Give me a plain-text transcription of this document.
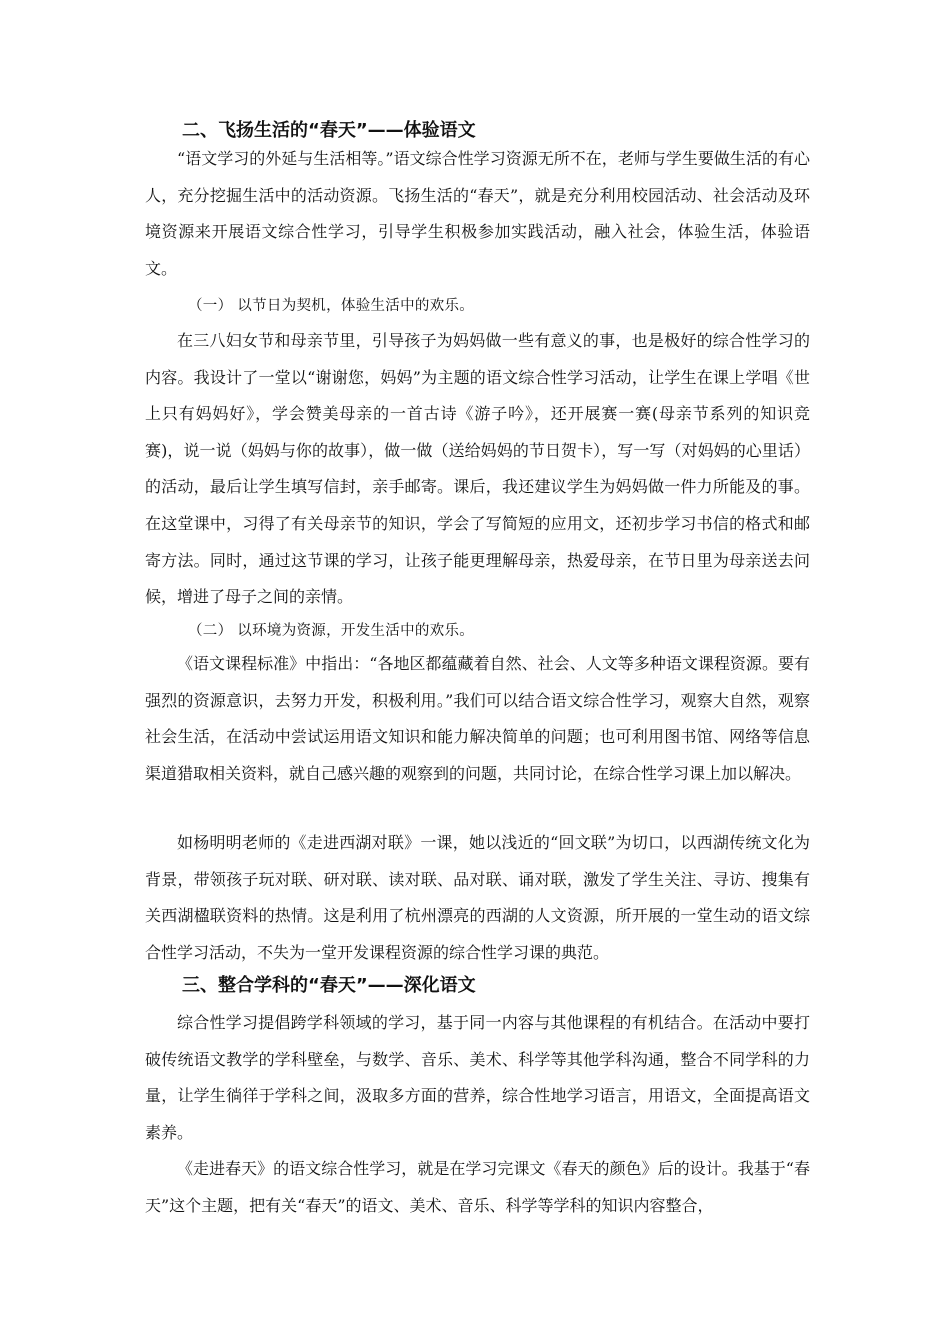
二、飞扬生活的“春天”——体验语文

“语文学习的外延与生活相等。”语文综合性学习资源无所不在，老师与学生要做生活的有心人，充分挖掘生活中的活动资源。飞扬生活的“春天”，就是充分利用校园活动、社会活动及环境资源来开展语文综合性学习，引导学生积极参加实践活动，融入社会，体验生活，体验语文。

（一） 以节日为契机，体验生活中的欢乐。

在三八妇女节和母亲节里，引导孩子为妈妈做一些有意义的事，也是极好的综合性学习的内容。我设计了一堂以“谢谢您，妈妈”为主题的语文综合性学习活动，让学生在课上学唱《世上只有妈妈好》，学会赞美母亲的一首古诗《游子吟》，还开展赛一赛(母亲节系列的知识竞赛)，说一说（妈妈与你的故事），做一做（送给妈妈的节日贺卡），写一写（对妈妈的心里话）的活动，最后让学生填写信封，亲手邮寄。课后，我还建议学生为妈妈做一件力所能及的事。在这堂课中，习得了有关母亲节的知识，学会了写简短的应用文，还初步学习书信的格式和邮寄方法。同时，通过这节课的学习，让孩子能更理解母亲，热爱母亲，在节日里为母亲送去问候，增进了母子之间的亲情。

（二） 以环境为资源，开发生活中的欢乐。

《语文课程标准》中指出：“各地区都蕴藏着自然、社会、人文等多种语文课程资源。要有强烈的资源意识，去努力开发，积极利用。”我们可以结合语文综合性学习，观察大自然，观察社会生活，在活动中尝试运用语文知识和能力解决简单的问题；也可利用图书馆、网络等信息渠道猎取相关资料，就自己感兴趣的观察到的问题，共同讨论，在综合性学习课上加以解决。

如杨明明老师的《走进西湖对联》一课，她以浅近的“回文联”为切口，以西湖传统文化为背景，带领孩子玩对联、研对联、读对联、品对联、诵对联，激发了学生关注、寻访、搜集有关西湖楹联资料的热情。这是利用了杭州漂亮的西湖的人文资源，所开展的一堂生动的语文综合性学习活动，不失为一堂开发课程资源的综合性学习课的典范。

三、整合学科的“春天”——深化语文

综合性学习提倡跨学科领域的学习，基于同一内容与其他课程的有机结合。在活动中要打破传统语文教学的学科壁垒，与数学、音乐、美术、科学等其他学科沟通，整合不同学科的力量，让学生徜徉于学科之间，汲取多方面的营养，综合性地学习语言，用语文，全面提高语文素养。

《走进春天》的语文综合性学习，就是在学习完课文《春天的颜色》后的设计。我基于“春天”这个主题，把有关“春天”的语文、美术、音乐、科学等学科的知识内容整合，
